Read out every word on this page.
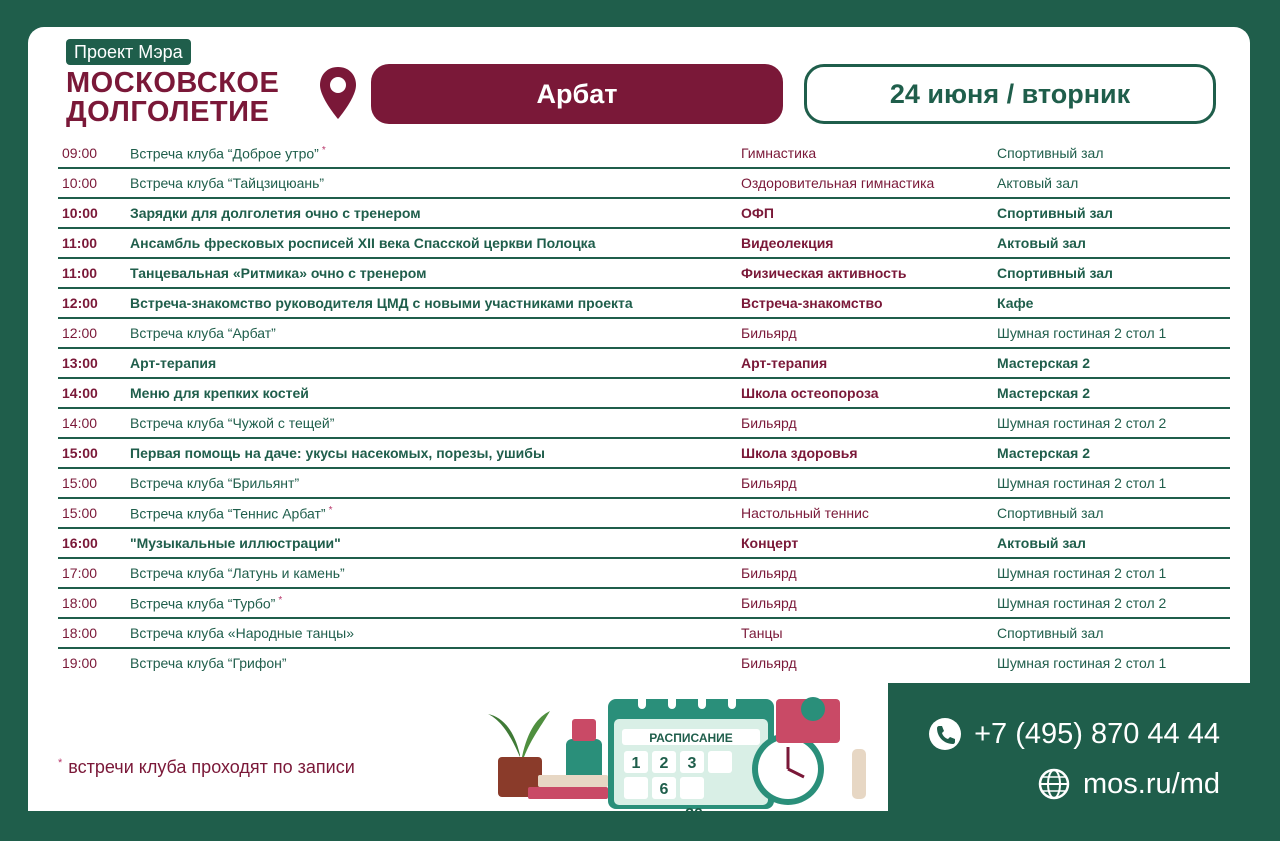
Проект Мэра
МОСКОВСКОЕ
ДОЛГОЛЕТИЕ
Арбат	24 июня / вторник
09:00 Встреча клуба “Доброе утро” *	Гимнастика	Спортивный зал
10:00 Встреча клуба “Тайцзицюань”	Оздоровительная гимнастика	Актовый зал
10:00 Зарядки для долголетия очно с тренером	ОФП	Спортивный зал
11:00 Ансамбль фресковых росписей XII века Спасской церкви Полоцка	Видеолекция	Актовый зал
11:00 Танцевальная «Ритмика» очно с тренером	Физическая активность	Спортивный зал
12:00 Встреча-знакомство руководителя ЦМД с новыми участниками проекта	Встреча-знакомство	Кафе
12:00 Встреча клуба “Арбат”	Бильярд	Шумная гостиная 2 стол 1
13:00 Арт-терапия	Арт-терапия	Мастерская 2
14:00 Меню для крепких костей	Школа остеопороза	Мастерская 2
14:00 Встреча клуба “Чужой с тещей”	Бильярд	Шумная гостиная 2 стол 2
15:00 Первая помощь на даче: укусы насекомых, порезы, ушибы	Школа здоровья	Мастерская 2
15:00 Встреча клуба “Брильянт”	Бильярд	Шумная гостиная 2 стол 1
15:00 Встреча клуба “Теннис Арбат” *	Настольный теннис	Спортивный зал
16:00 "Музыкальные иллюстрации"	Концерт	Актовый зал
17:00 Встреча клуба “Латунь и камень”	Бильярд	Шумная гостиная 2 стол 1
18:00 Встреча клуба “Турбо” *	Бильярд	Шумная гостиная 2 стол 2
18:00 Встреча клуба «Народные танцы»	Танцы	Спортивный зал
19:00 Встреча клуба “Грифон”	Бильярд	Шумная гостиная 2 стол 1
* встречи клуба проходят по записи
РАСПИСАНИЕ
1 2 3
6
20
+7 (495) 870 44 44
mos.ru/md
